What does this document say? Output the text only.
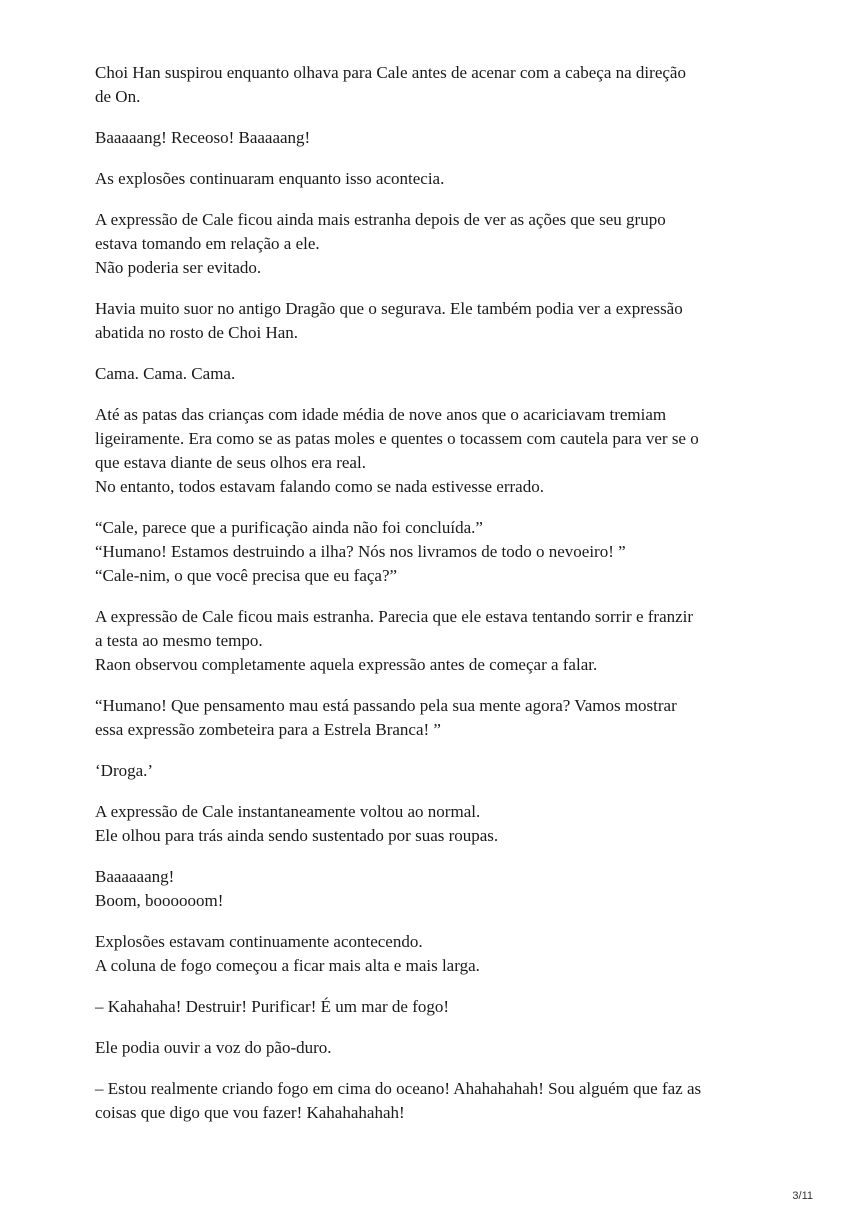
Choi Han suspirou enquanto olhava para Cale antes de acenar com a cabeça na direção
de On.

Baaaaang! Receoso! Baaaaang!

As explosões continuaram enquanto isso acontecia.

A expressão de Cale ficou ainda mais estranha depois de ver as ações que seu grupo
estava tomando em relação a ele.
Não poderia ser evitado.

Havia muito suor no antigo Dragão que o segurava. Ele também podia ver a expressão
abatida no rosto de Choi Han.

Cama. Cama. Cama.

Até as patas das crianças com idade média de nove anos que o acariciavam tremiam
ligeiramente. Era como se as patas moles e quentes o tocassem com cautela para ver se o
que estava diante de seus olhos era real.
No entanto, todos estavam falando como se nada estivesse errado.

“Cale, parece que a purificação ainda não foi concluída.”
“Humano! Estamos destruindo a ilha? Nós nos livramos de todo o nevoeiro! ”
“Cale-nim, o que você precisa que eu faça?”

A expressão de Cale ficou mais estranha. Parecia que ele estava tentando sorrir e franzir
a testa ao mesmo tempo.
Raon observou completamente aquela expressão antes de começar a falar.

“Humano! Que pensamento mau está passando pela sua mente agora? Vamos mostrar
essa expressão zombeteira para a Estrela Branca! ”

‘Droga.’

A expressão de Cale instantaneamente voltou ao normal.
Ele olhou para trás ainda sendo sustentado por suas roupas.

Baaaaaang!
Boom, boooooom!

Explosões estavam continuamente acontecendo.
A coluna de fogo começou a ficar mais alta e mais larga.

– Kahahaha! Destruir! Purificar! É um mar de fogo!

Ele podia ouvir a voz do pão-duro.

– Estou realmente criando fogo em cima do oceano! Ahahahahah! Sou alguém que faz as
coisas que digo que vou fazer! Kahahahahah!

3/11
